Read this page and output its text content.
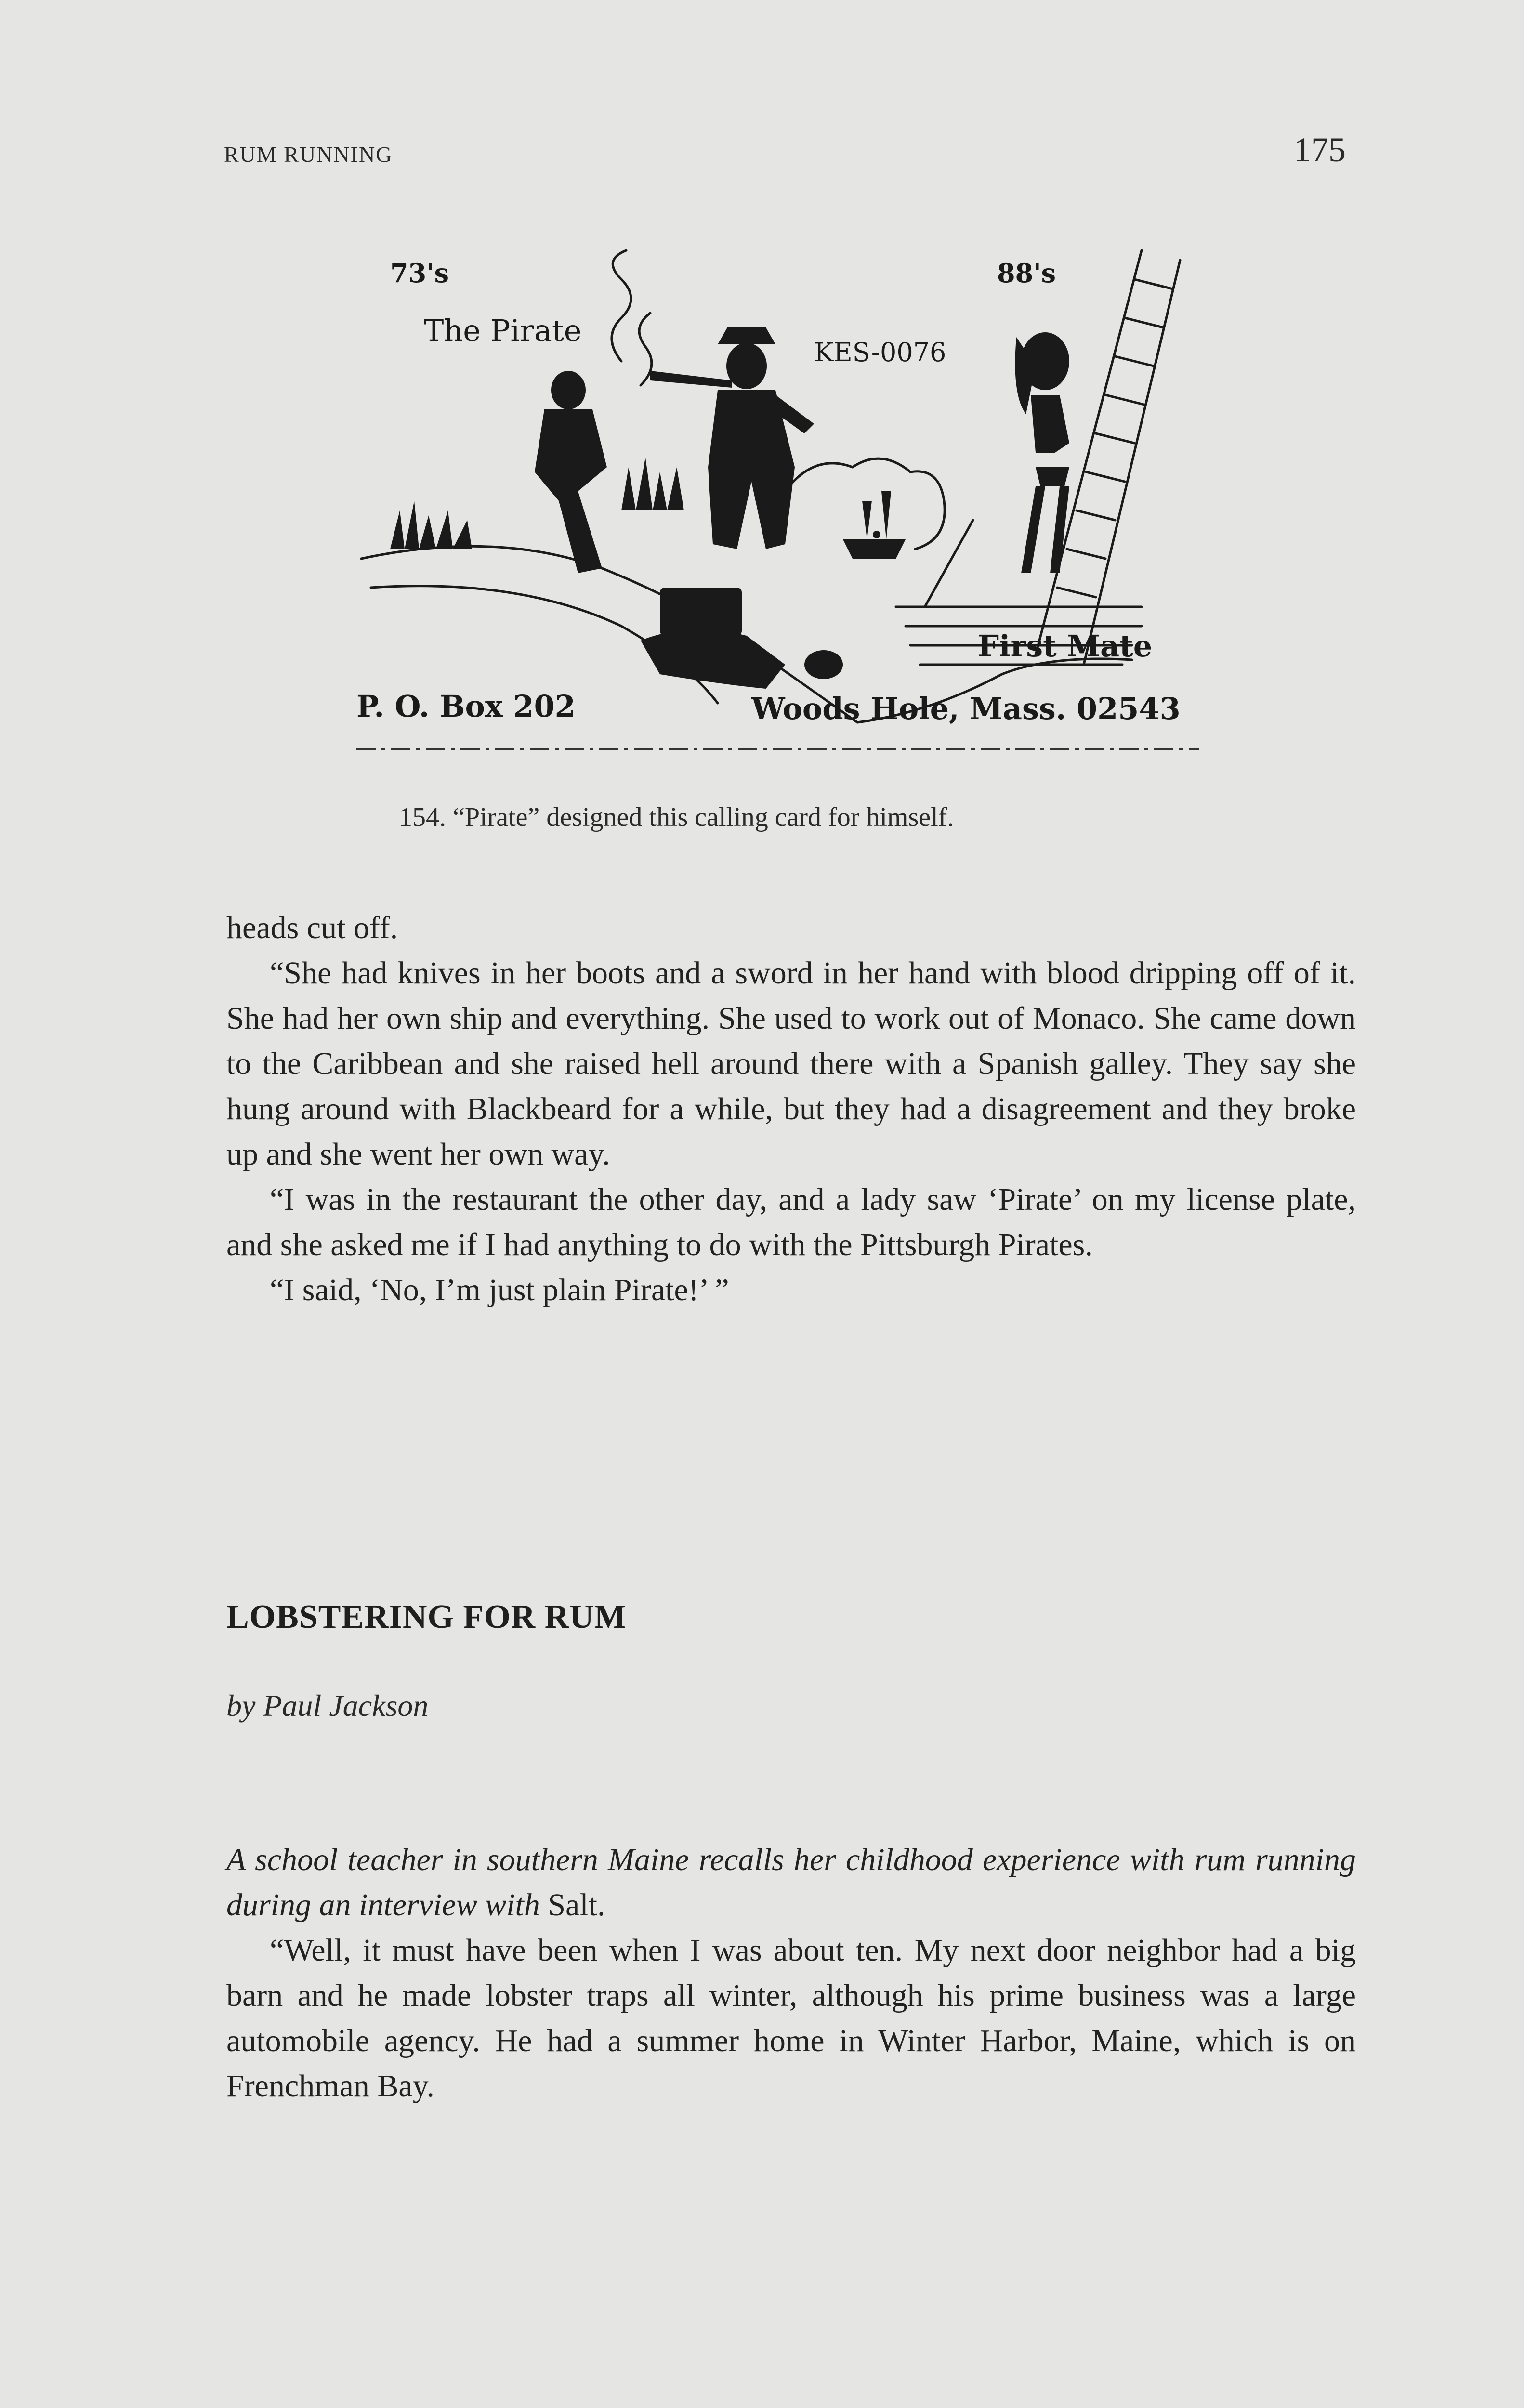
RUM RUNNING	175
73's	88's
The Pirate
KES-0076
First Mate
P. O. Box 202	Woods Hole, Mass. 02543
154. “Pirate” designed this calling card for himself.

heads cut off.

“She had knives in her boots and a sword in her hand with blood dripping off of it. She had her own ship and everything. She used to work out of Monaco. She came down to the Caribbean and she raised hell around there with a Spanish galley. They say she hung around with Blackbeard for a while, but they had a disagreement and they broke up and she went her own way.

“I was in the restaurant the other day, and a lady saw ‘Pirate’ on my license plate, and she asked me if I had anything to do with the Pittsburgh Pirates.

“I said, ‘No, I’m just plain Pirate!’ ”

LOBSTERING FOR RUM
by Paul Jackson

A school teacher in southern Maine recalls her childhood experience with rum running during an interview with Salt.

“Well, it must have been when I was about ten. My next door neighbor had a big barn and he made lobster traps all winter, although his prime business was a large automobile agency. He had a summer home in Winter Harbor, Maine, which is on Frenchman Bay.
